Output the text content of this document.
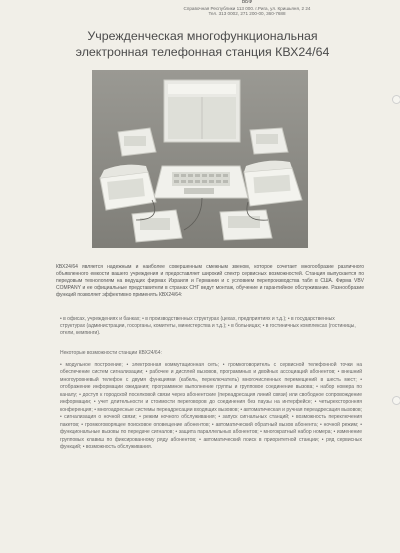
ВБФ
Справочная Республики 113 000. г.Рига, ул. Кришьяня, 2 24
Тел. 313 0002, 271 200-00, 360-7688
Учрежденческая многофункциональная
электронная телефонная станция КВХ24/64
КВХ24/64 является надежным и наиболее совершенным смежным звеном, которое сочетает многообразие различного объявленного емкости вашего учреждения и предоставляет широкий спектр сервисных возможностей. Станция выпускается по передовым технологиям на ведущих фирмах Израиля и Германии и с условием перепроизводства табл в США. Фирма VBV COMPANY и ее официальные представители в странах СНГ ведут монтаж, обучение и гарантийное обслуживание. Разнообразие функций позволяет эффективно применять КВХ24/64:
• в офисах, учреждениях и банках; • в производственных структурах (цехах, предприятиях и т.д.); • в государственных структурах (администрации, госорганы, комитеты, министерства и т.д.); • в больницах; • в гостиничных комплексах (гостиницы, отели, кемпинги).
Некоторые возможности станции КВХ24/64:
• модульное построение; • электронная коммутационная сеть; • громкоговоритель с сервисной телефонной точки на обеспечение систем сигнализации; • рабочее и дисплей вызовов, программных и двойных ассоциаций абонентов; • внешний многоуровневый телефон с двумя функциями (кабель, переключатель) многочисленных перемещений в шесть мест; • отображение информации ожидания; программное выполнение группы и групповое соединение вызова; • набор номера по каналу; • доступ к городской поселковой связи через абонентские (переадресация линий связи) или свободное сопровождение информации; • учет длительности и стоимости переговоров до соединения без паузы на интерфейсе; • четырехсторонняя конференция; • многоадресные системы переадресации входящих вызовов; • автоматическая и ручная переадресация вызовов; • сигнализация о ночной связи; • режим ночного обслуживания; • запуск сигнальных станций; • возможность переключения пакетов; • громкоговорящее поисковое оповещение абонентов; • автоматический обратный вызов абонента; • ночной режим; • функциональные вызовы по передаче сигналов; • защита параллельных абонентов; • многократный набор номера; • изменение групповых клавиш по фиксированному ряду абонентов; • автоматический поиск в приоритетной станции; • ряд сервисных функций; • возможность обслуживания.
